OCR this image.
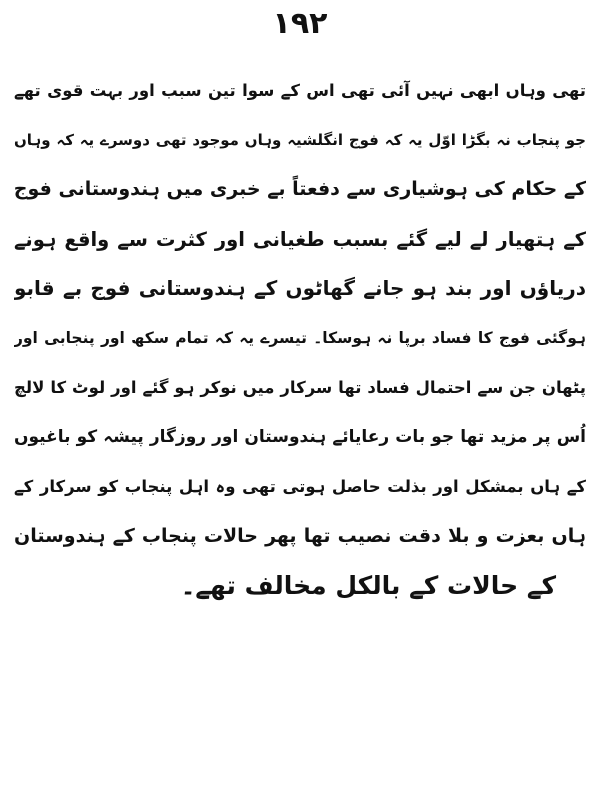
۱۹۲
تھی وہاں ابھی نہیں آئی تھی اس کے سوا تین سبب اور بہت قوی تھے
جو پنجاب نہ بگڑا اوّل یہ کہ فوج انگلشیہ وہاں موجود تھی دوسرے یہ کہ وہاں
کے حکام کی ہوشیاری سے دفعتاً بے خبری میں ہندوستانی فوج
کے ہتھیار لے لیے گئے بسبب طغیانی اور کثرت سے واقع ہونے
دریاؤں اور بند ہو جانے گھاٹوں کے ہندوستانی فوج بے قابو
ہوگئی فوج کا فساد برپا نہ ہوسکا۔ تیسرے یہ کہ تمام سکھ اور پنجابی اور
پٹھان جن سے احتمال فساد تھا سرکار میں نوکر ہو گئے اور لوٹ کا لالچ
اُس پر مزید تھا جو بات رعایائے ہندوستان اور روزگار پیشہ کو باغیوں
کے ہاں بمشکل اور بذلت حاصل ہوتی تھی وہ اہل پنجاب کو سرکار کے
ہاں بعزت و بلا دقت نصیب تھا پھر حالات پنجاب کے ہندوستان
کے حالات کے بالکل مخالف تھے۔
